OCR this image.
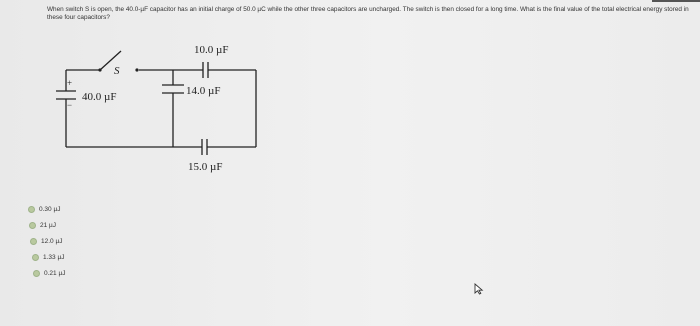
When switch S is open, the 40.0-µF capacitor has an initial charge of 50.0 µC while the other three capacitors are uncharged. The switch is then closed for a long time. What is the final value of the total electrical energy stored in these four capacitors?
+
−
S
40.0 µF
10.0 µF
14.0 µF
15.0 µF
0.30 µJ
21 µJ
12.0 µJ
1.33 µJ
0.21 µJ
